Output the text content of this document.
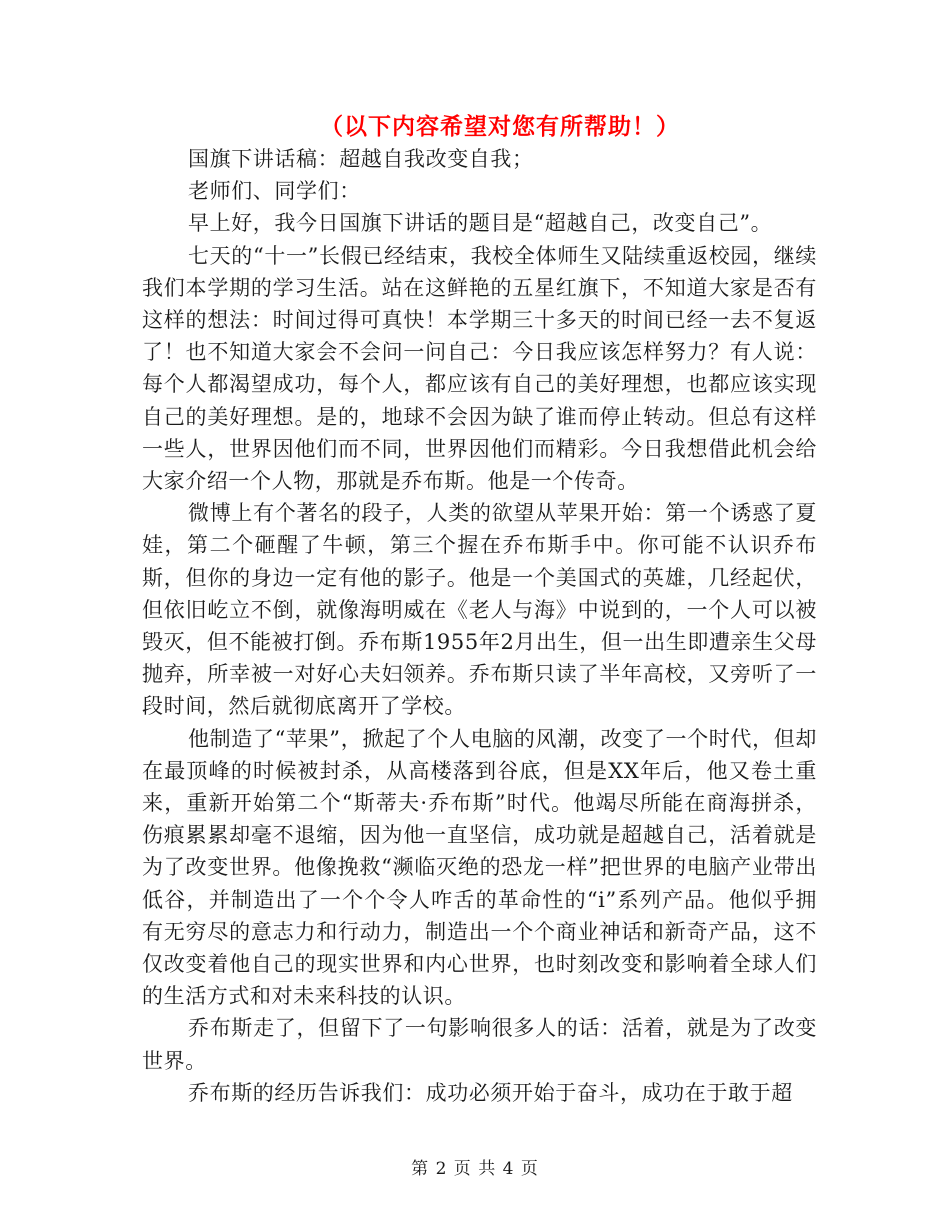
（以下内容希望对您有所帮助！）

国旗下讲话稿：超越自我改变自我；

老师们、同学们：

早上好，我今日国旗下讲话的题目是“超越自己，改变自己”。

七天的“十一”长假已经结束，我校全体师生又陆续重返校园，继续我们本学期的学习生活。站在这鲜艳的五星红旗下，不知道大家是否有这样的想法：时间过得可真快！本学期三十多天的时间已经一去不复返了！也不知道大家会不会问一问自己：今日我应该怎样努力？有人说：每个人都渴望成功，每个人，都应该有自己的美好理想，也都应该实现自己的美好理想。是的，地球不会因为缺了谁而停止转动。但总有这样一些人，世界因他们而不同，世界因他们而精彩。今日我想借此机会给大家介绍一个人物，那就是乔布斯。他是一个传奇。

微博上有个著名的段子，人类的欲望从苹果开始：第一个诱惑了夏娃，第二个砸醒了牛顿，第三个握在乔布斯手中。你可能不认识乔布斯，但你的身边一定有他的影子。他是一个美国式的英雄，几经起伏，但依旧屹立不倒，就像海明威在《老人与海》中说到的，一个人可以被毁灭，但不能被打倒。乔布斯1955年2月出生，但一出生即遭亲生父母抛弃，所幸被一对好心夫妇领养。乔布斯只读了半年高校，又旁听了一段时间，然后就彻底离开了学校。

他制造了“苹果”，掀起了个人电脑的风潮，改变了一个时代，但却在最顶峰的时候被封杀，从高楼落到谷底，但是XX年后，他又卷土重来，重新开始第二个“斯蒂夫·乔布斯”时代。他竭尽所能在商海拼杀，伤痕累累却毫不退缩，因为他一直坚信，成功就是超越自己，活着就是为了改变世界。他像挽救“濒临灭绝的恐龙一样”把世界的电脑产业带出低谷，并制造出了一个个令人咋舌的革命性的“i”系列产品。他似乎拥有无穷尽的意志力和行动力，制造出一个个商业神话和新奇产品，这不仅改变着他自己的现实世界和内心世界，也时刻改变和影响着全球人们的生活方式和对未来科技的认识。

乔布斯走了，但留下了一句影响很多人的话：活着，就是为了改变世界。

乔布斯的经历告诉我们：成功必须开始于奋斗，成功在于敢于超

第 2 页 共 4 页
